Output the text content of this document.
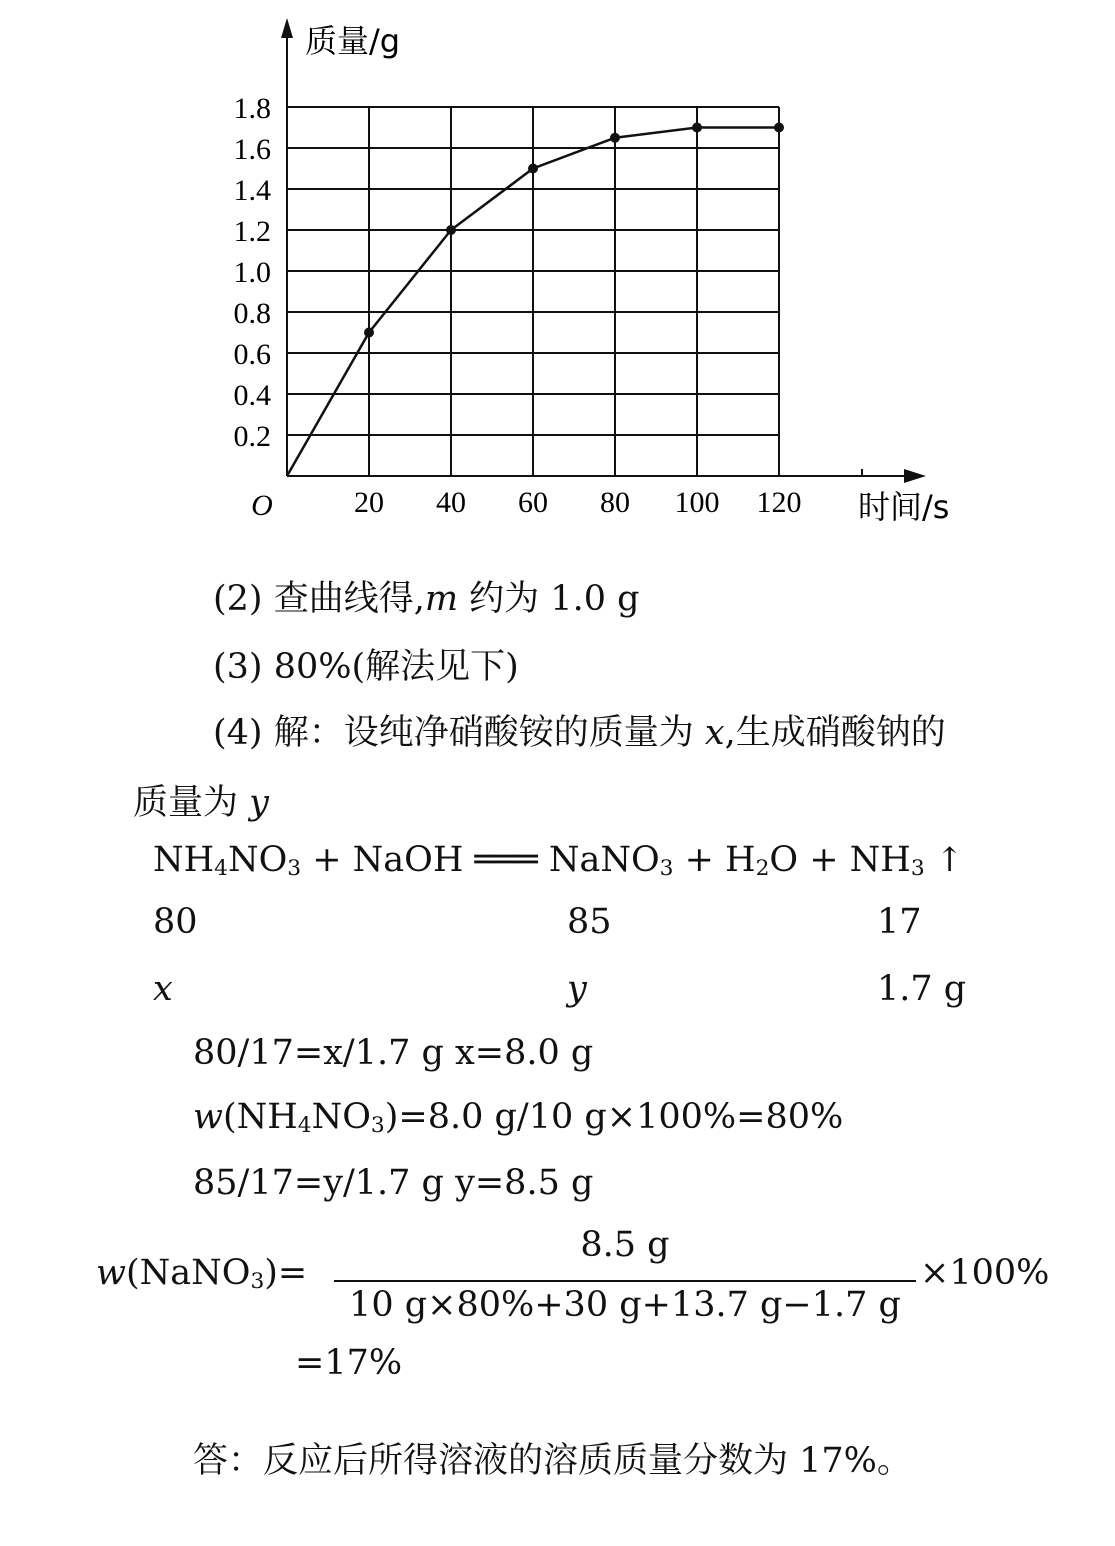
0.2
0.4
0.6
0.8
1.0
1.2
1.4
1.6
1.8
20 40 60 80 100 120
O
质量/g
时间/s
(2) 查曲线得,m 约为 1.0 g
(3) 80%(解法见下)
(4) 解：设纯净硝酸铵的质量为 x,生成硝酸钠的
质量为 y
$NH_4NO_3$ + NaOH ═══ NaNO$_3$ + $H_2O + NH_3$ ↑
80	85	17
x	y	1.7 g
80/17=x/1.7 g x=8.0 g
$w(NH_4NO_3)=8.0$ g/10 g×100%=80%
85/17=y/1.7 g y=8.5 g
w(NaNO$_3$)=
8.5 g
10 g×80%+30 g+13.7 g−1.7 g
×100%
=17%
答：反应后所得溶液的溶质质量分数为 17%。
